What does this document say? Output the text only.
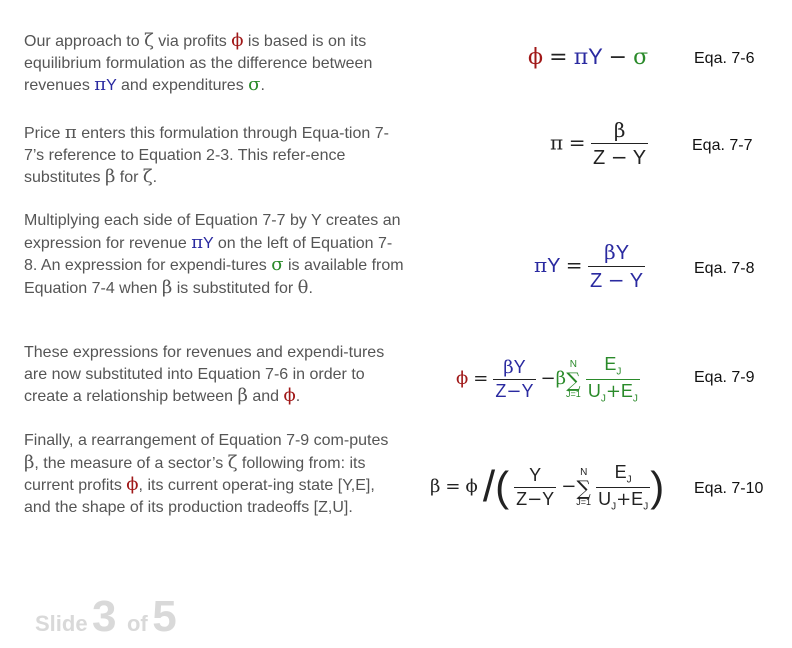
Our approach to ζ via profits ϕ is based is on its equilibrium formulation as the difference between revenues πY and expenditures σ.
Price π enters this formulation through Equa-tion 7-7’s reference to Equation 2-3. This refer-ence substitutes β for ζ.
Multiplying each side of Equation 7-7 by Y creates an expression for revenue πY on the left of Equation 7-8. An expression for expendi-tures σ is available from Equation 7-4 when β is substituted for θ.
These expressions for revenues and expendi-tures are now substituted into Equation 7-6 in order to create a relationship between β and ϕ.
Finally, a rearrangement of Equation 7-9 com-putes β, the measure of a sector’s ζ following from: its current profits ϕ, its current operat-ing state [Y,E], and the shape of its production tradeoffs [Z,U].
ϕ = πY − σ	Eqa. 7-6
$\pi = \frac{\beta}{Z - Y}$	Eqa. 7-7
$\pi Y = \frac{\beta Y}{Z - Y}$	Eqa. 7-8
$\phi = \frac{\beta Y}{Z-Y} -\beta$
N
∑
J=1
$\frac{E_J}{U_J+E_J}$	Eqa. 7-9
β = ϕ /( $\frac{Y}{Z-Y}$ −
N
∑
J=1
$\frac{E_J}{U_J+E_J}$ ) Eqa. 7-10
Slide 3 of 5
